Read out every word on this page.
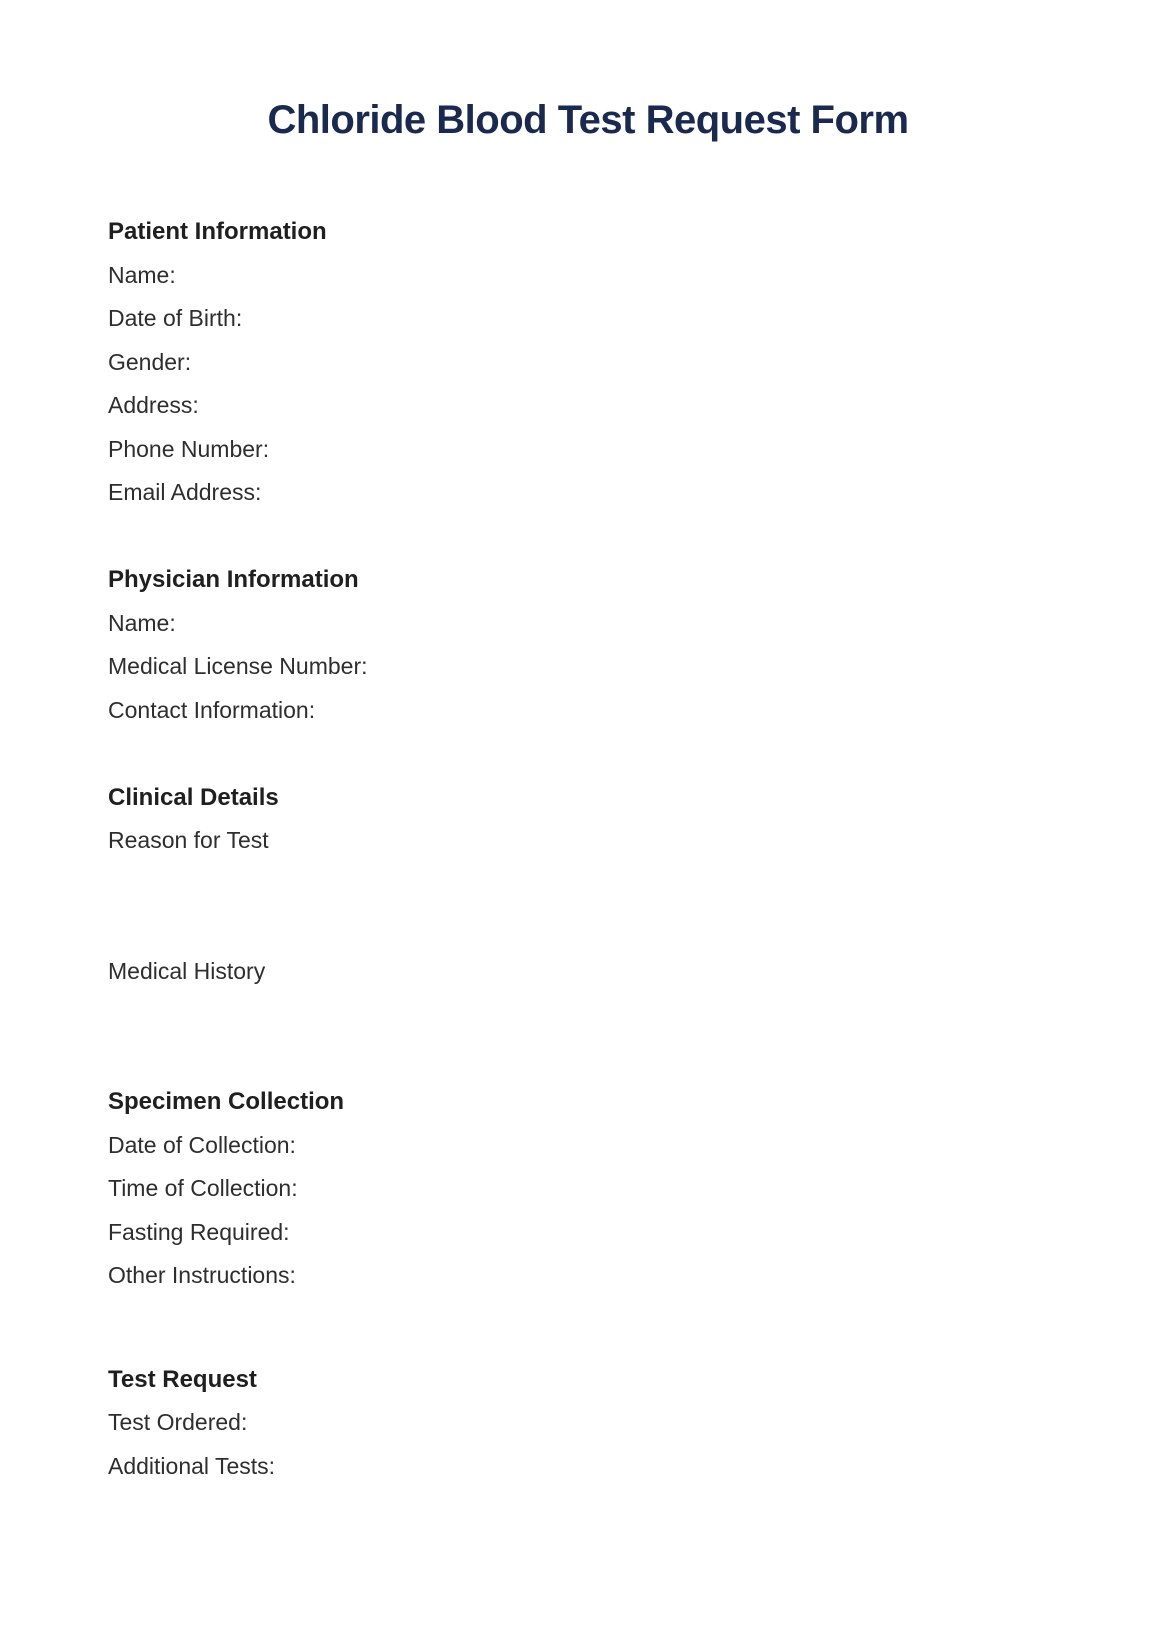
Chloride Blood Test Request Form
Patient Information
Name:
Date of Birth:
Gender:
Address:
Phone Number:
Email Address:
Physician Information
Name:
Medical License Number:
Contact Information:
Clinical Details
Reason for Test
Medical History
Specimen Collection
Date of Collection:
Time of Collection:
Fasting Required:
Other Instructions:
Test Request
Test Ordered:
Additional Tests:
